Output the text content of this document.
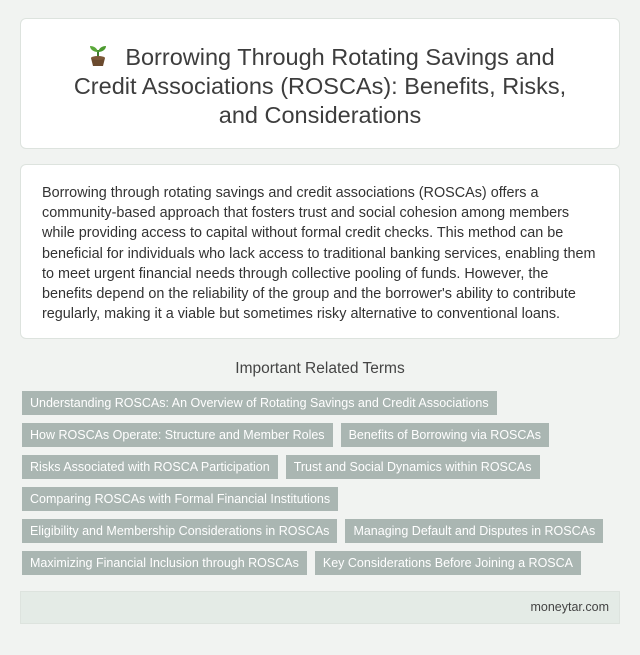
Borrowing Through Rotating Savings and Credit Associations (ROSCAs): Benefits, Risks, and Considerations
Borrowing through rotating savings and credit associations (ROSCAs) offers a community-based approach that fosters trust and social cohesion among members while providing access to capital without formal credit checks. This method can be beneficial for individuals who lack access to traditional banking services, enabling them to meet urgent financial needs through collective pooling of funds. However, the benefits depend on the reliability of the group and the borrower's ability to contribute regularly, making it a viable but sometimes risky alternative to conventional loans.
Important Related Terms
Understanding ROSCAs: An Overview of Rotating Savings and Credit Associations
How ROSCAs Operate: Structure and Member Roles	Benefits of Borrowing via ROSCAs
Risks Associated with ROSCA Participation	Trust and Social Dynamics within ROSCAs
Comparing ROSCAs with Formal Financial Institutions
Eligibility and Membership Considerations in ROSCAs	Managing Default and Disputes in ROSCAs
Maximizing Financial Inclusion through ROSCAs	Key Considerations Before Joining a ROSCA
moneytar.com
